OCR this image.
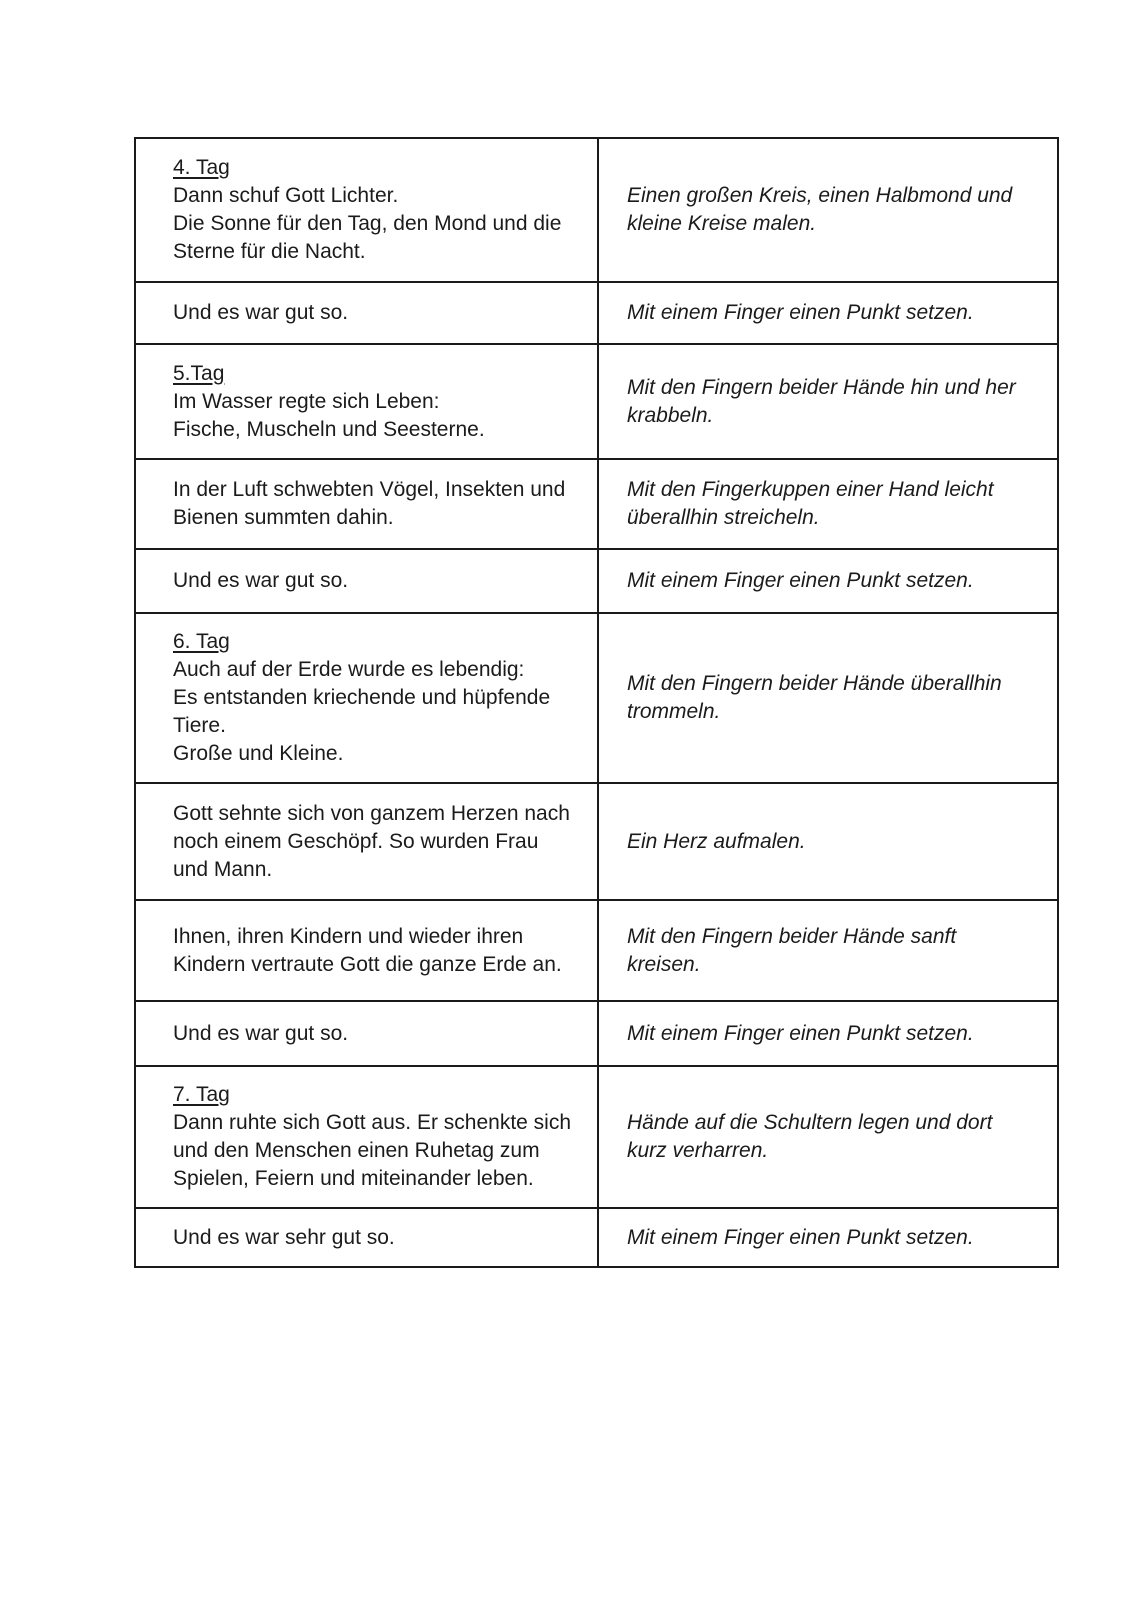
4. Tag
Dann schuf Gott Lichter.
Die Sonne für den Tag, den Mond und die Sterne für die Nacht.	Einen großen Kreis, einen Halbmond und kleine Kreise malen.

Und es war gut so.	Mit einem Finger einen Punkt setzen.

5.Tag
Im Wasser regte sich Leben:
Fische, Muscheln und Seesterne.	Mit den Fingern beider Hände hin und her krabbeln.

In der Luft schwebten Vögel, Insekten und Bienen summten dahin.	Mit den Fingerkuppen einer Hand leicht überallhin streicheln.

Und es war gut so.	Mit einem Finger einen Punkt setzen.

6. Tag
Auch auf der Erde wurde es lebendig:
Es entstanden kriechende und hüpfende Tiere.
Große und Kleine.	Mit den Fingern beider Hände überallhin trommeln.

Gott sehnte sich von ganzem Herzen nach noch einem Geschöpf. So wurden Frau und Mann.	Ein Herz aufmalen.

Ihnen, ihren Kindern und wieder ihren Kindern vertraute Gott die ganze Erde an.	Mit den Fingern beider Hände sanft kreisen.

Und es war gut so.	Mit einem Finger einen Punkt setzen.

7. Tag
Dann ruhte sich Gott aus. Er schenkte sich und den Menschen einen Ruhetag zum Spielen, Feiern und miteinander leben.	Hände auf die Schultern legen und dort kurz verharren.

Und es war sehr gut so.	Mit einem Finger einen Punkt setzen.
